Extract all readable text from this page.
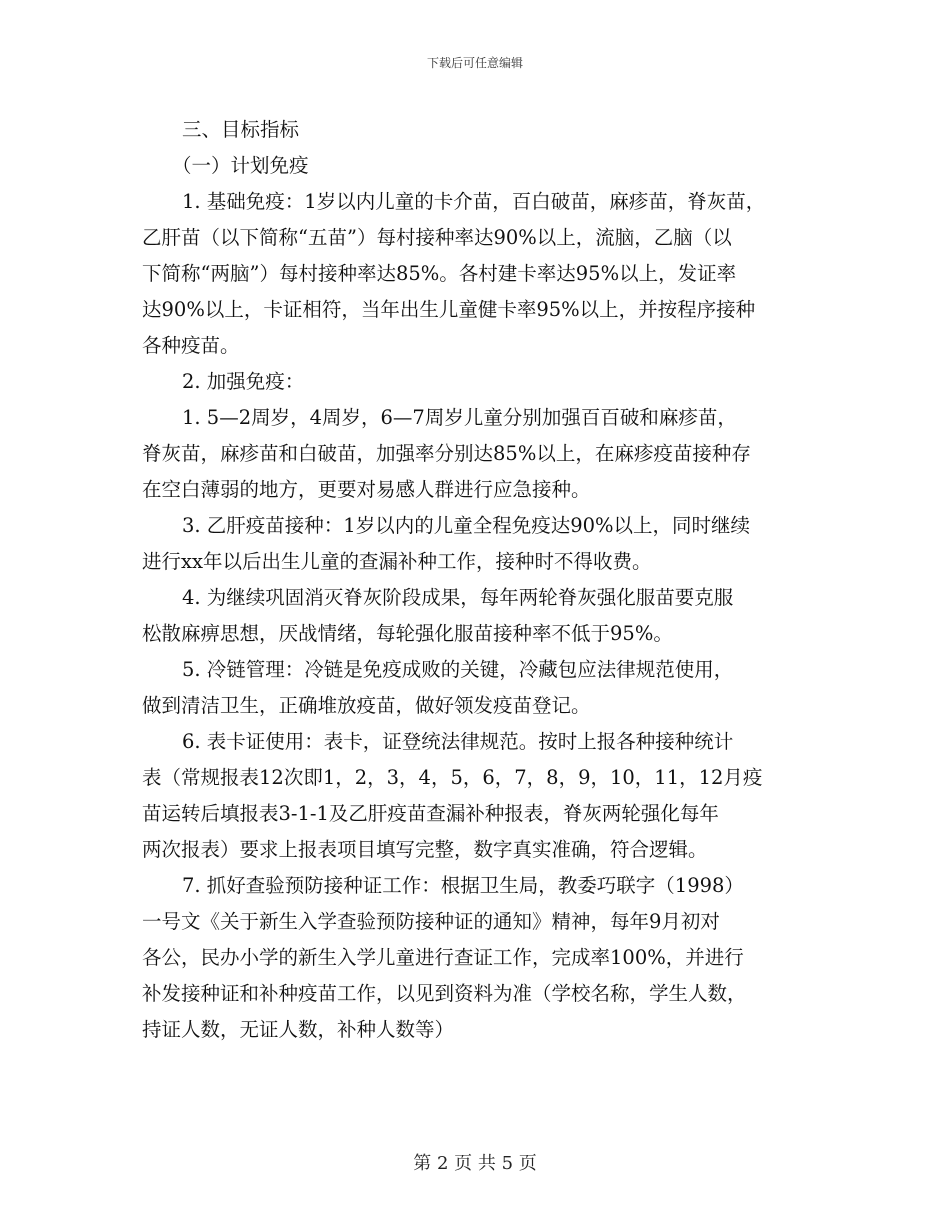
下载后可任意编辑
三、目标指标
（一）计划免疫
1. 基础免疫：1岁以内儿童的卡介苗，百白破苗，麻疹苗，脊灰苗，
乙肝苗（以下简称“五苗”）每村接种率达90%以上，流脑，乙脑（以
下简称“两脑”）每村接种率达85%。各村建卡率达95%以上，发证率
达90%以上，卡证相符，当年出生儿童健卡率95%以上，并按程序接种
各种疫苗。
2. 加强免疫：
1. 5—2周岁，4周岁，6—7周岁儿童分别加强百百破和麻疹苗，
脊灰苗，麻疹苗和白破苗，加强率分别达85%以上，在麻疹疫苗接种存
在空白薄弱的地方，更要对易感人群进行应急接种。
3. 乙肝疫苗接种：1岁以内的儿童全程免疫达90%以上，同时继续
进行xx年以后出生儿童的查漏补种工作，接种时不得收费。
4. 为继续巩固消灭脊灰阶段成果，每年两轮脊灰强化服苗要克服
松散麻痹思想，厌战情绪，每轮强化服苗接种率不低于95%。
5. 冷链管理：冷链是免疫成败的关键，冷藏包应法律规范使用，
做到清洁卫生，正确堆放疫苗，做好领发疫苗登记。
6. 表卡证使用：表卡，证登统法律规范。按时上报各种接种统计
表（常规报表12次即1，2，3，4，5，6，7，8，9，10，11，12月疫
苗运转后填报表3-1-1及乙肝疫苗查漏补种报表，脊灰两轮强化每年
两次报表）要求上报表项目填写完整，数字真实准确，符合逻辑。
7. 抓好查验预防接种证工作：根据卫生局，教委巧联字（1998）
一号文《关于新生入学查验预防接种证的通知》精神，每年9月初对
各公，民办小学的新生入学儿童进行查证工作，完成率100%，并进行
补发接种证和补种疫苗工作，以见到资料为准（学校名称，学生人数，
持证人数，无证人数，补种人数等）
第 2 页 共 5 页
